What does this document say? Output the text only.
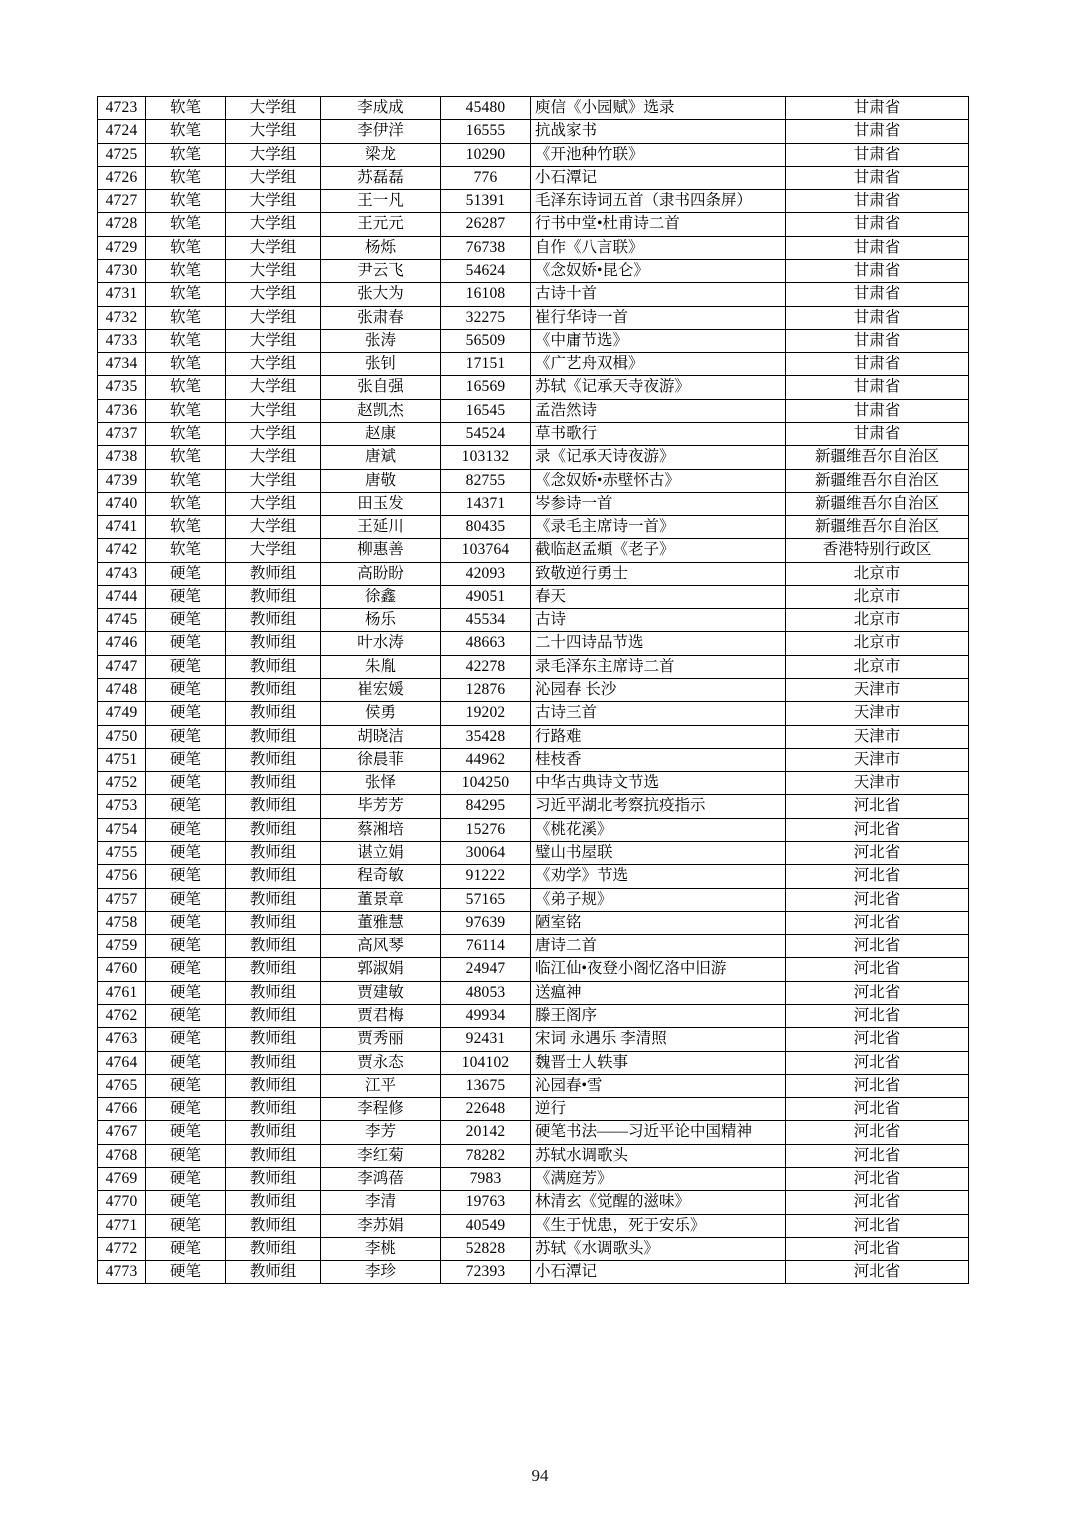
4723	软笔	大学组	李成成	45480	庾信《小园赋》选录	甘肃省
4724	软笔	大学组	李伊洋	16555	抗战家书	甘肃省
4725	软笔	大学组	梁龙	10290	《开池种竹联》	甘肃省
4726	软笔	大学组	苏磊磊	776	小石潭记	甘肃省
4727	软笔	大学组	王一凡	51391	毛泽东诗词五首（隶书四条屏）	甘肃省
4728	软笔	大学组	王元元	26287	行书中堂•杜甫诗二首	甘肃省
4729	软笔	大学组	杨烁	76738	自作《八言联》	甘肃省
4730	软笔	大学组	尹云飞	54624	《念奴娇•昆仑》	甘肃省
4731	软笔	大学组	张大为	16108	古诗十首	甘肃省
4732	软笔	大学组	张肃春	32275	崔行华诗一首	甘肃省
4733	软笔	大学组	张涛	56509	《中庸节选》	甘肃省
4734	软笔	大学组	张钊	17151	《广艺舟双楫》	甘肃省
4735	软笔	大学组	张自强	16569	苏轼《记承天寺夜游》	甘肃省
4736	软笔	大学组	赵凯杰	16545	孟浩然诗	甘肃省
4737	软笔	大学组	赵康	54524	草书歌行	甘肃省
4738	软笔	大学组	唐斌	103132	录《记承天诗夜游》	新疆维吾尔自治区
4739	软笔	大学组	唐敬	82755	《念奴娇•赤壁怀古》	新疆维吾尔自治区
4740	软笔	大学组	田玉发	14371	岑参诗一首	新疆维吾尔自治区
4741	软笔	大学组	王延川	80435	《录毛主席诗一首》	新疆维吾尔自治区
4742	软笔	大学组	柳惠善	103764	截临赵孟頫《老子》	香港特别行政区
4743	硬笔	教师组	高盼盼	42093	致敬逆行勇士	北京市
4744	硬笔	教师组	徐鑫	49051	春天	北京市
4745	硬笔	教师组	杨乐	45534	古诗	北京市
4746	硬笔	教师组	叶水涛	48663	二十四诗品节选	北京市
4747	硬笔	教师组	朱胤	42278	录毛泽东主席诗二首	北京市
4748	硬笔	教师组	崔宏媛	12876	沁园春 长沙	天津市
4749	硬笔	教师组	侯勇	19202	古诗三首	天津市
4750	硬笔	教师组	胡晓洁	35428	行路难	天津市
4751	硬笔	教师组	徐晨菲	44962	桂枝香	天津市
4752	硬笔	教师组	张怿	104250	中华古典诗文节选	天津市
4753	硬笔	教师组	毕芳芳	84295	习近平湖北考察抗疫指示	河北省
4754	硬笔	教师组	蔡湘培	15276	《桃花溪》	河北省
4755	硬笔	教师组	谌立娟	30064	璧山书屋联	河北省
4756	硬笔	教师组	程奇敏	91222	《劝学》节选	河北省
4757	硬笔	教师组	董景章	57165	《弟子规》	河北省
4758	硬笔	教师组	董雅慧	97639	陋室铭	河北省
4759	硬笔	教师组	高风琴	76114	唐诗二首	河北省
4760	硬笔	教师组	郭淑娟	24947	临江仙•夜登小阁忆洛中旧游	河北省
4761	硬笔	教师组	贾建敏	48053	送瘟神	河北省
4762	硬笔	教师组	贾君梅	49934	滕王阁序	河北省
4763	硬笔	教师组	贾秀丽	92431	宋词 永遇乐 李清照	河北省
4764	硬笔	教师组	贾永态	104102	魏晋士人轶事	河北省
4765	硬笔	教师组	江平	13675	沁园春•雪	河北省
4766	硬笔	教师组	李程修	22648	逆行	河北省
4767	硬笔	教师组	李芳	20142	硬笔书法——习近平论中国精神	河北省
4768	硬笔	教师组	李红菊	78282	苏轼水调歌头	河北省
4769	硬笔	教师组	李鸿蓓	7983	《满庭芳》	河北省
4770	硬笔	教师组	李清	19763	林清玄《觉醒的滋味》	河北省
4771	硬笔	教师组	李苏娟	40549	《生于忧患，死于安乐》	河北省
4772	硬笔	教师组	李桃	52828	苏轼《水调歌头》	河北省
4773	硬笔	教师组	李珍	72393	小石潭记	河北省
94
